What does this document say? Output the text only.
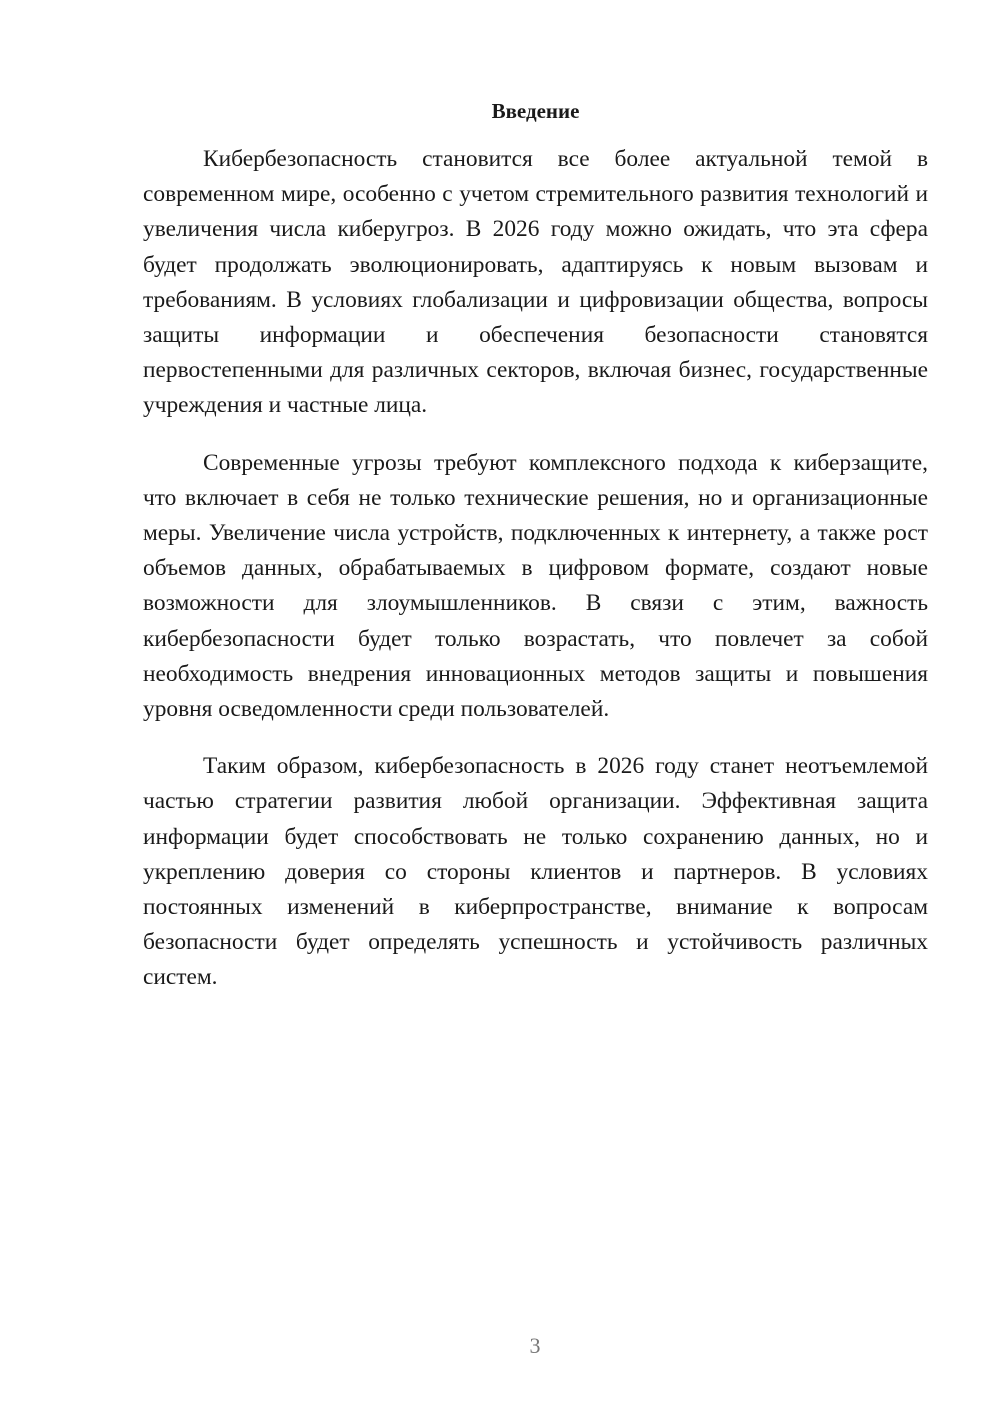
Введение

Кибербезопасность становится все более актуальной темой в современном мире, особенно с учетом стремительного развития технологий и увеличения числа киберугроз. В 2026 году можно ожидать, что эта сфера будет продолжать эволюционировать, адаптируясь к новым вызовам и требованиям. В условиях глобализации и цифровизации общества, вопросы защиты информации и обеспечения безопасности становятся первостепенными для различных секторов, включая бизнес, государственные учреждения и частные лица.

Современные угрозы требуют комплексного подхода к киберзащите, что включает в себя не только технические решения, но и организационные меры. Увеличение числа устройств, подключенных к интернету, а также рост объемов данных, обрабатываемых в цифровом формате, создают новые возможности для злоумышленников. В связи с этим, важность кибербезопасности будет только возрастать, что повлечет за собой необходимость внедрения инновационных методов защиты и повышения уровня осведомленности среди пользователей.

Таким образом, кибербезопасность в 2026 году станет неотъемлемой частью стратегии развития любой организации. Эффективная защита информации будет способствовать не только сохранению данных, но и укреплению доверия со стороны клиентов и партнеров. В условиях постоянных изменений в киберпространстве, внимание к вопросам безопасности будет определять успешность и устойчивость различных систем.

3
